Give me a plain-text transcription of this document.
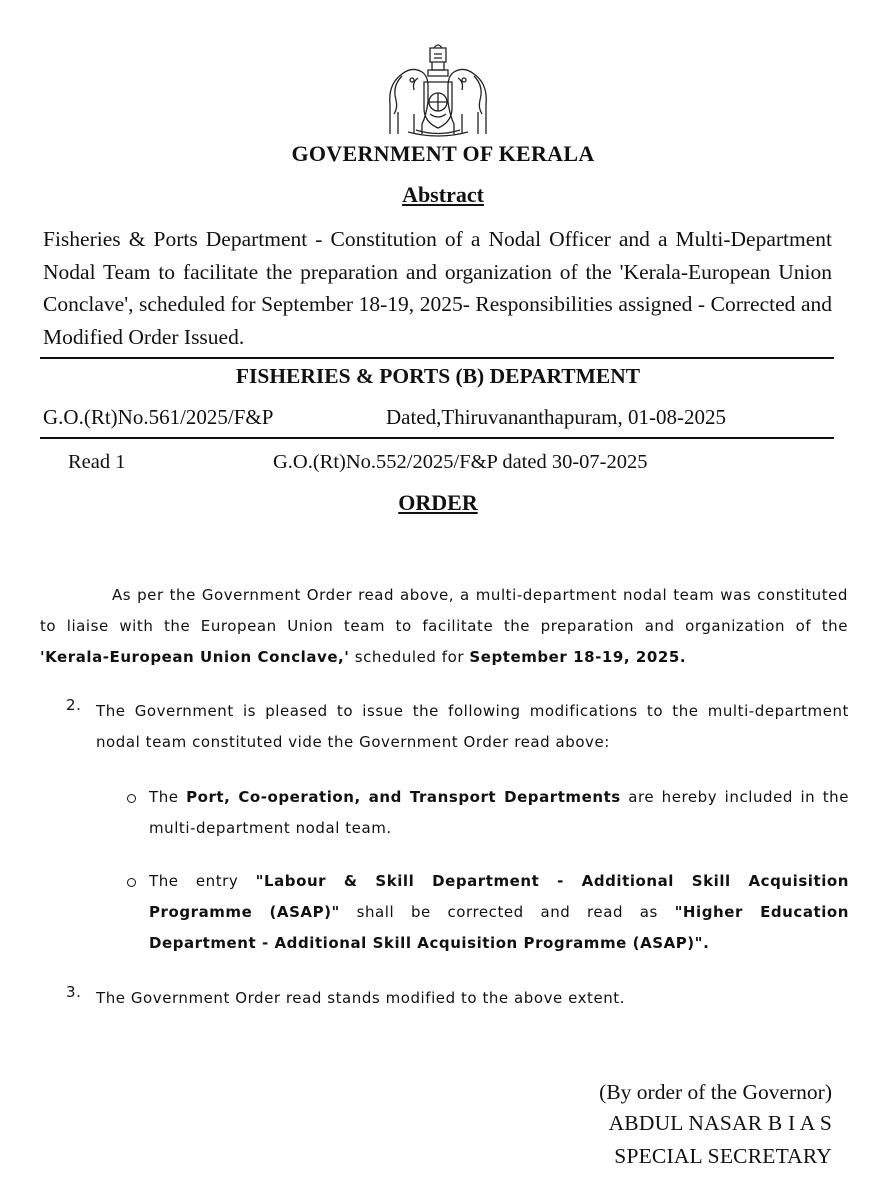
GOVERNMENT OF KERALA
Abstract

Fisheries & Ports Department - Constitution of a Nodal Officer and a Multi-Department Nodal Team to facilitate the preparation and organization of the 'Kerala-European Union Conclave', scheduled for September 18-19, 2025- Responsibilities assigned - Corrected and Modified Order Issued.

FISHERIES & PORTS (B) DEPARTMENT
G.O.(Rt)No.561/2025/F&P	Dated,Thiruvananthapuram, 01-08-2025
Read 1	G.O.(Rt)No.552/2025/F&P dated 30-07-2025
ORDER

As per the Government Order read above, a multi-department nodal team was constituted to liaise with the European Union team to facilitate the preparation and organization of the 'Kerala-European Union Conclave,' scheduled for September 18-19, 2025.

2. The Government is pleased to issue the following modifications to the multi-department nodal team constituted vide the Government Order read above:

The Port, Co-operation, and Transport Departments are hereby included in the multi-department nodal team.

The entry "Labour & Skill Department - Additional Skill Acquisition Programme (ASAP)" shall be corrected and read as "Higher Education Department - Additional Skill Acquisition Programme (ASAP)".

3. The Government Order read stands modified to the above extent.

(By order of the Governor)
ABDUL NASAR B I A S
SPECIAL SECRETARY
